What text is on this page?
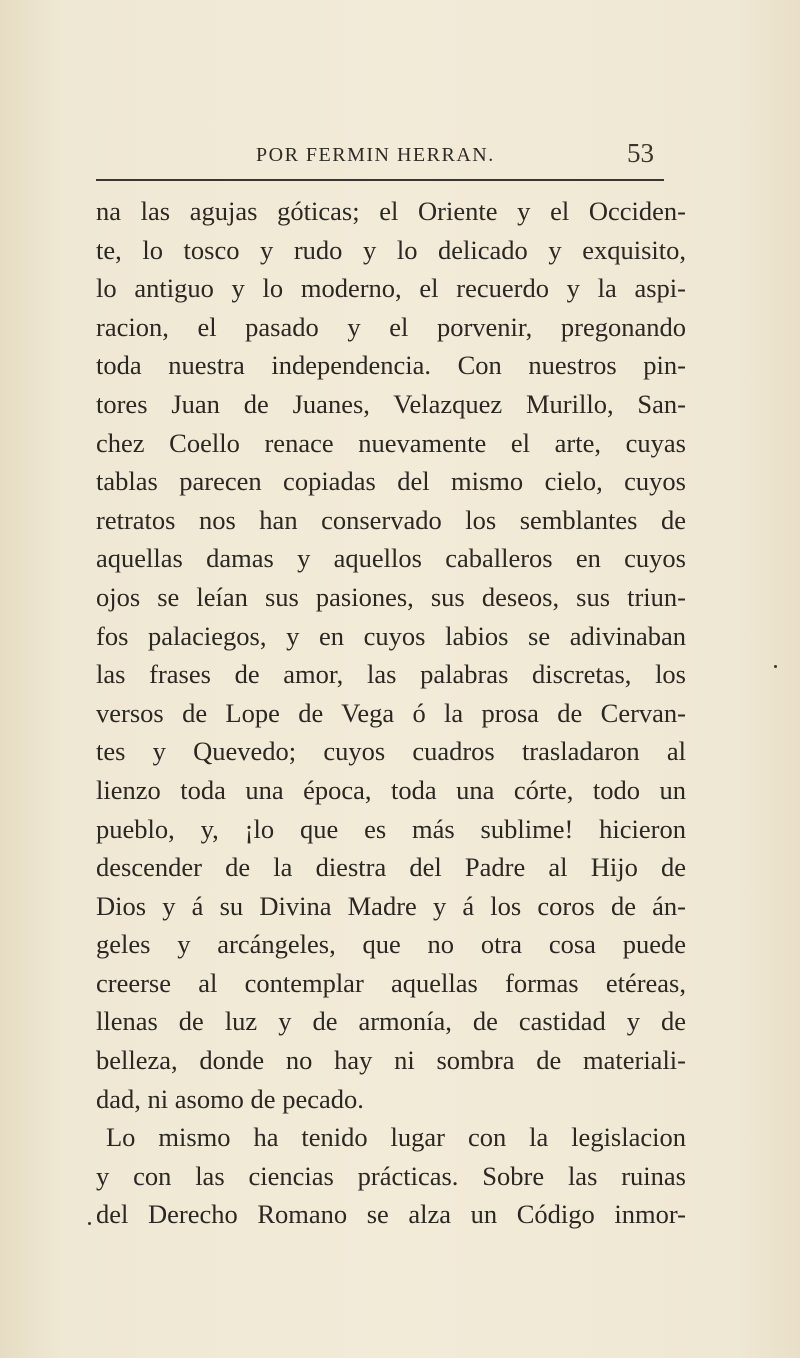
POR FERMIN HERRAN.	53
na las agujas góticas; el Oriente y el Occiden-
te, lo tosco y rudo y lo delicado y exquisito,
lo antiguo y lo moderno, el recuerdo y la aspi-
racion, el pasado y el porvenir, pregonando
toda nuestra independencia. Con nuestros pin-
tores Juan de Juanes, Velazquez Murillo, San-
chez Coello renace nuevamente el arte, cuyas
tablas parecen copiadas del mismo cielo, cuyos
retratos nos han conservado los semblantes de
aquellas damas y aquellos caballeros en cuyos
ojos se leían sus pasiones, sus deseos, sus triun-
fos palaciegos, y en cuyos labios se adivinaban
las frases de amor, las palabras discretas, los
versos de Lope de Vega ó la prosa de Cervan-
tes y Quevedo; cuyos cuadros trasladaron al
lienzo toda una época, toda una córte, todo un
pueblo, y, ¡lo que es más sublime! hicieron
descender de la diestra del Padre al Hijo de
Dios y á su Divina Madre y á los coros de án-
geles y arcángeles, que no otra cosa puede
creerse al contemplar aquellas formas etéreas,
llenas de luz y de armonía, de castidad y de
belleza, donde no hay ni sombra de materiali-
dad, ni asomo de pecado.
Lo mismo ha tenido lugar con la legislacion
y con las ciencias prácticas. Sobre las ruinas
del Derecho Romano se alza un Código inmor-
